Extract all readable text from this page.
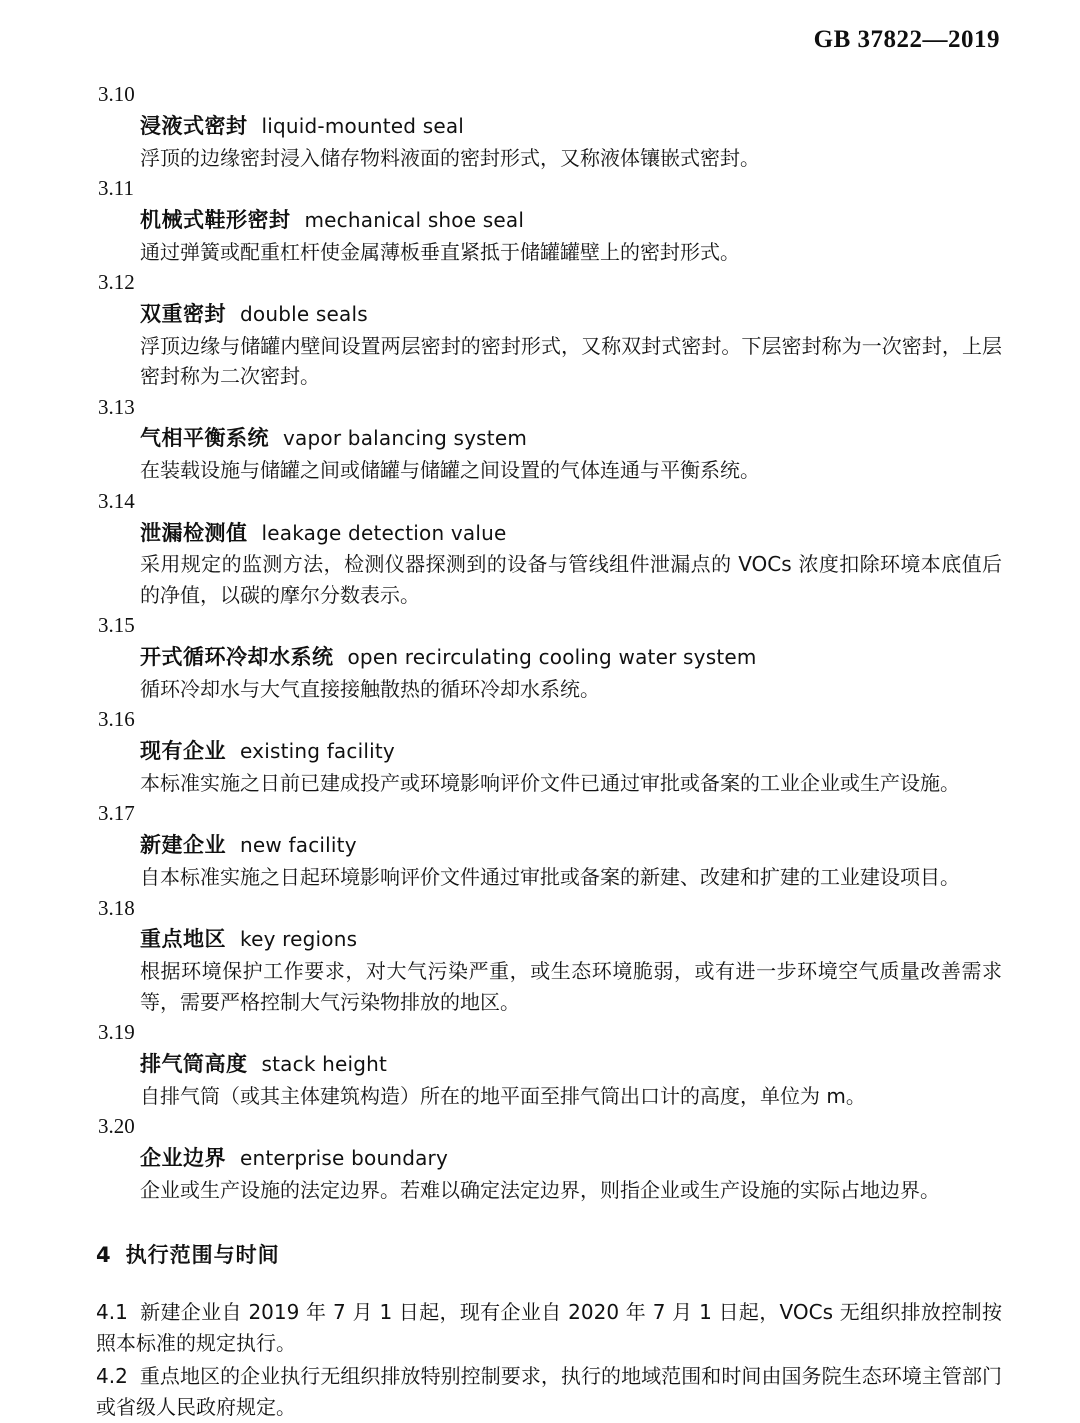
GB 37822—2019
3.10
浸液式密封 liquid-mounted seal
浮顶的边缘密封浸入储存物料液面的密封形式，又称液体镶嵌式密封。
3.11
机械式鞋形密封 mechanical shoe seal
通过弹簧或配重杠杆使金属薄板垂直紧抵于储罐罐壁上的密封形式。
3.12
双重密封 double seals
浮顶边缘与储罐内壁间设置两层密封的密封形式，又称双封式密封。下层密封称为一次密封，上层密封称为二次密封。
3.13
气相平衡系统 vapor balancing system
在装载设施与储罐之间或储罐与储罐之间设置的气体连通与平衡系统。
3.14
泄漏检测值 leakage detection value
采用规定的监测方法，检测仪器探测到的设备与管线组件泄漏点的 VOCs 浓度扣除环境本底值后的净值，以碳的摩尔分数表示。
3.15
开式循环冷却水系统 open recirculating cooling water system
循环冷却水与大气直接接触散热的循环冷却水系统。
3.16
现有企业 existing facility
本标准实施之日前已建成投产或环境影响评价文件已通过审批或备案的工业企业或生产设施。
3.17
新建企业 new facility
自本标准实施之日起环境影响评价文件通过审批或备案的新建、改建和扩建的工业建设项目。
3.18
重点地区 key regions
根据环境保护工作要求，对大气污染严重，或生态环境脆弱，或有进一步环境空气质量改善需求等，需要严格控制大气污染物排放的地区。
3.19
排气筒高度 stack height
自排气筒（或其主体建筑构造）所在的地平面至排气筒出口计的高度，单位为 m。
3.20
企业边界 enterprise boundary
企业或生产设施的法定边界。若难以确定法定边界，则指企业或生产设施的实际占地边界。
4 执行范围与时间
4.1 新建企业自 2019 年 7 月 1 日起，现有企业自 2020 年 7 月 1 日起，VOCs 无组织排放控制按照本标准的规定执行。
4.2 重点地区的企业执行无组织排放特别控制要求，执行的地域范围和时间由国务院生态环境主管部门或省级人民政府规定。
